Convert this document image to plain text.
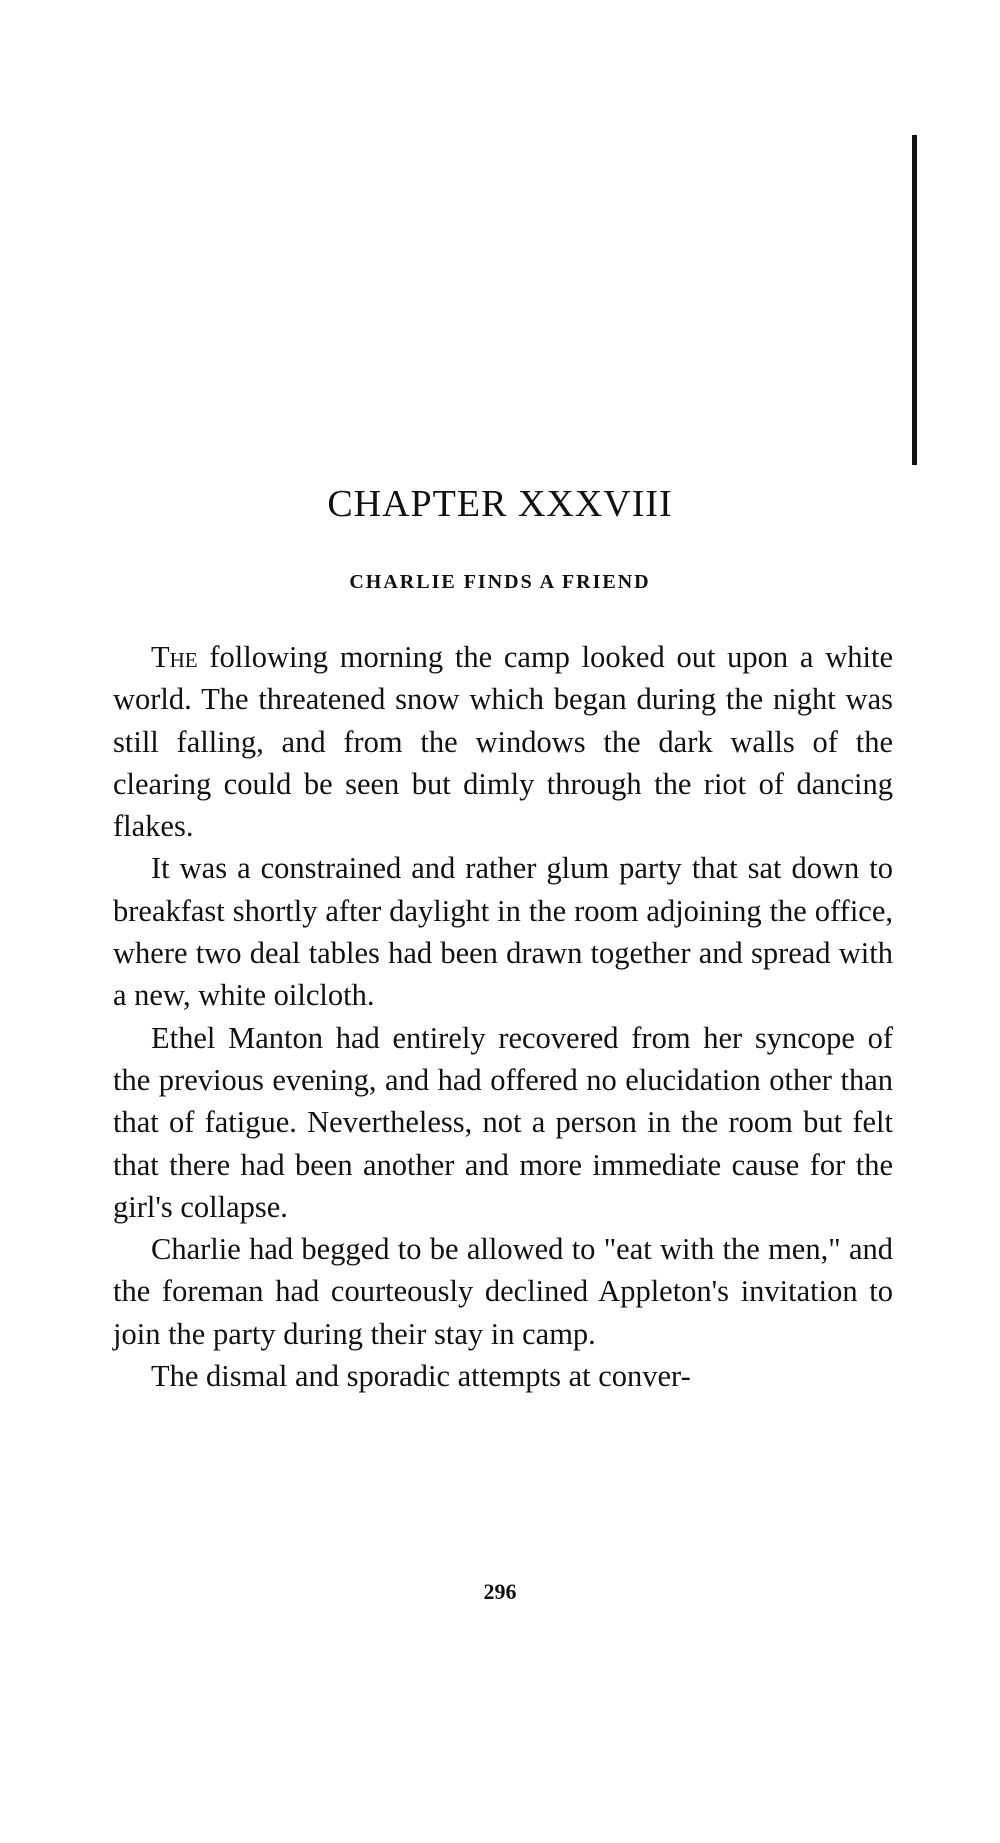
CHAPTER XXXVIII
CHARLIE FINDS A FRIEND

The following morning the camp looked out upon a white world. The threatened snow which began during the night was still falling, and from the windows the dark walls of the clearing could be seen but dimly through the riot of dancing flakes.

It was a constrained and rather glum party that sat down to breakfast shortly after daylight in the room adjoining the office, where two deal tables had been drawn together and spread with a new, white oilcloth.

Ethel Manton had entirely recovered from her syncope of the previous evening, and had offered no elucidation other than that of fatigue. Nevertheless, not a person in the room but felt that there had been another and more immediate cause for the girl's collapse.

Charlie had begged to be allowed to "eat with the men," and the foreman had courteously declined Appleton's invitation to join the party during their stay in camp.

The dismal and sporadic attempts at conver-

296
